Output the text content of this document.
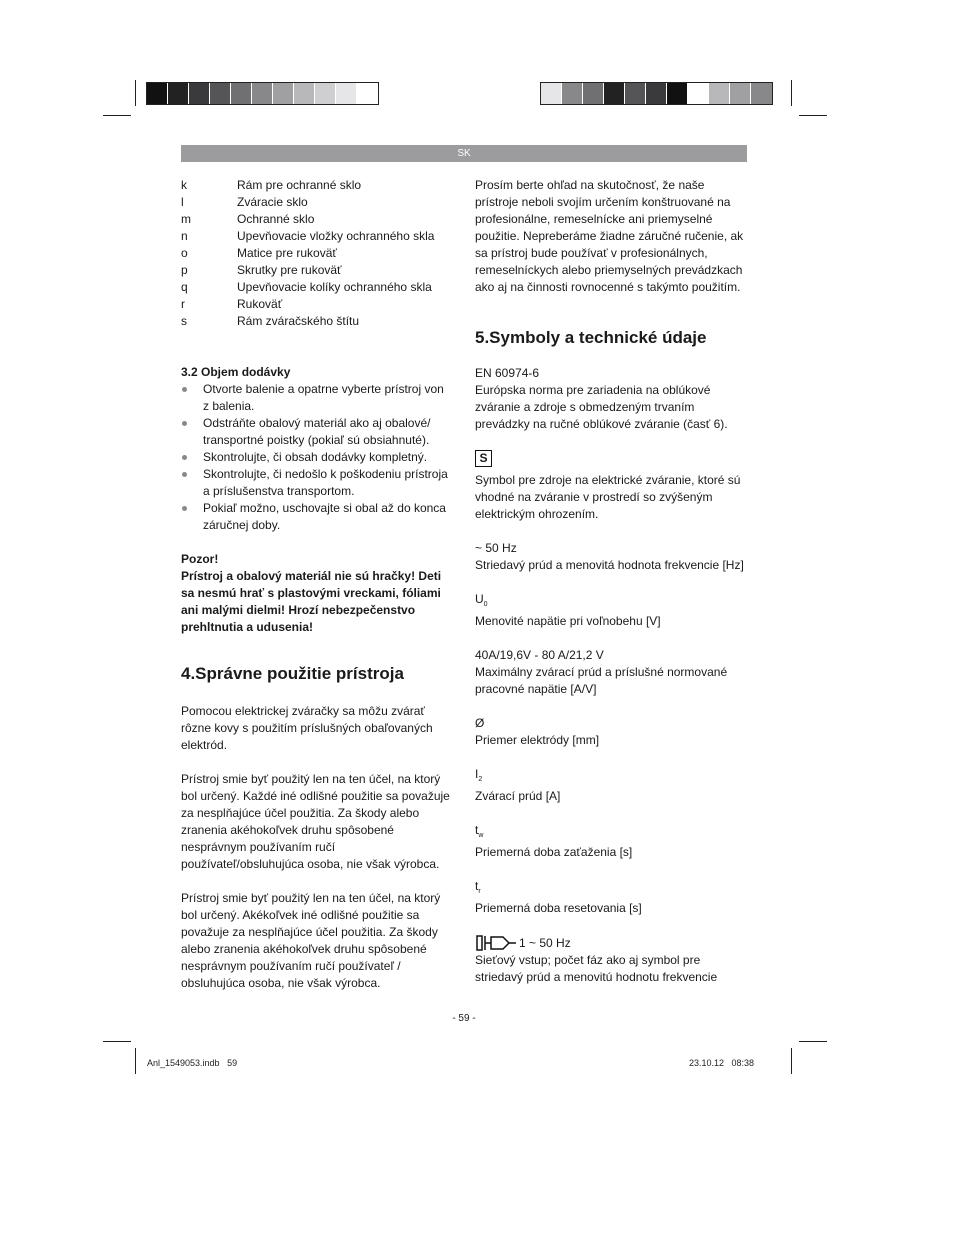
SK
k	Rám pre ochranné sklo
l	Zváracie sklo
m	Ochranné sklo
n	Upevňovacie vložky ochranného skla
o	Matice pre rukoväť
p	Skrutky pre rukoväť
q	Upevňovacie kolíky ochranného skla
r	Rukoväť
s	Rám zváračského štítu
3.2 Objem dodávky
Otvorte balenie a opatrne vyberte prístroj von z balenia.
Odstráňte obalový materiál ako aj obalové/ transportné poistky (pokiaľ sú obsiahnuté).
Skontrolujte, či obsah dodávky kompletný.
Skontrolujte, či nedošlo k poškodeniu prístroja a príslušenstva transportom.
Pokiaľ možno, uschovajte si obal až do konca záručnej doby.
Pozor!
Prístroj a obalový materiál nie sú hračky! Deti sa nesmú hrať s plastovými vreckami, fóliami ani malými dielmi! Hrozí nebezpečenstvo prehltnutia a udusenia!
4.Správne použitie prístroja

Pomocou elektrickej zváračky sa môžu zvárať rôzne kovy s použitím príslušných obaľovaných elektród.

Prístroj smie byť použitý len na ten účel, na ktorý bol určený. Každé iné odlišné použitie sa považuje za nesplňajúce účel použitia. Za škody alebo zranenia akéhokoľvek druhu spôsobené nesprávnym používaním ručí používateľ/obsluhujúca osoba, nie však výrobca.

Prístroj smie byť použitý len na ten účel, na ktorý bol určený. Akékoľvek iné odlišné použitie sa považuje za nesplňajúce účel použitia. Za škody alebo zranenia akéhokoľvek druhu spôsobené nesprávnym používaním ručí používateľ / obsluhujúca osoba, nie však výrobca.

Prosím berte ohľad na skutočnosť, že naše prístroje neboli svojím určením konštruované na profesionálne, remeselnícke ani priemyselné použitie. Nepreberáme žiadne záručné ručenie, ak sa prístroj bude používať v profesionálnych, remeselníckych alebo priemyselných prevádzkach ako aj na činnosti rovnocenné s takýmto použitím.

5.Symboly a technické údaje
EN 60974-6
Európska norma pre zariadenia na oblúkové zváranie a zdroje s obmedzeným trvaním prevádzky na ručné oblúkové zváranie (časť 6).
S
Symbol pre zdroje na elektrické zváranie, ktoré sú vhodné na zváranie v prostredí so zvýšeným elektrickým ohrozením.
~ 50 Hz
Striedavý prúd a menovitá hodnota frekvencie [Hz]
$U_0$
Menovité napätie pri voľnobehu [V]
40A/19,6V - 80 A/21,2 V
Maximálny zvárací prúd a príslušné normované pracovné napätie [A/V]
Ø
Priemer elektródy [mm]
$I_2$
Zvárací prúd [A]
$t_w$
Priemerná doba zaťaženia [s]
$t_r$
Priemerná doba resetovania [s]
1 ~ 50 Hz
Sieťový vstup; počet fáz ako aj symbol pre striedavý prúd a menovitú hodnotu frekvencie
- 59 -
Anl_1549053.indb   59	23.10.12   08:38
